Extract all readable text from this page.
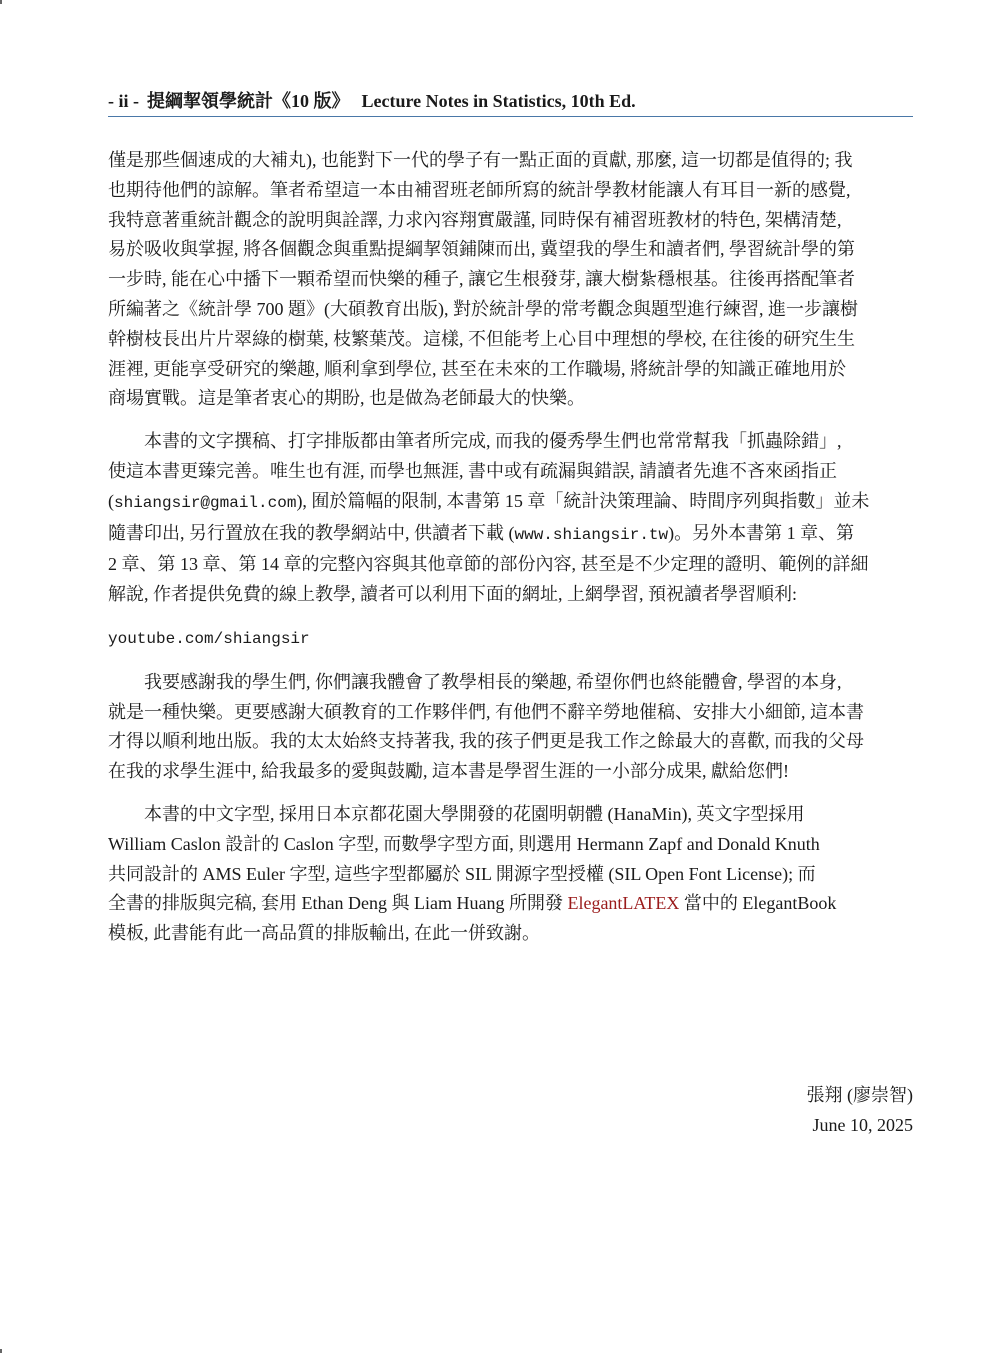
- ii - 提綱挈領學統計《10 版》 Lecture Notes in Statistics, 10th Ed.
僅是那些個速成的大補丸), 也能對下一代的學子有一點正面的貢獻, 那麼, 這一切都是值得的; 我
也期待他們的諒解。筆者希望這一本由補習班老師所寫的統計學教材能讓人有耳目一新的感覺,
我特意著重統計觀念的說明與詮譯, 力求內容翔實嚴謹, 同時保有補習班教材的特色, 架構清楚,
易於吸收與掌握, 將各個觀念與重點提綱挈領鋪陳而出, 冀望我的學生和讀者們, 學習統計學的第
一步時, 能在心中播下一顆希望而快樂的種子, 讓它生根發芽, 讓大樹紮穩根基。往後再搭配筆者
所編著之《統計學 700 題》(大碩教育出版), 對於統計學的常考觀念與題型進行練習, 進一步讓樹
幹樹枝長出片片翠綠的樹葉, 枝繁葉茂。這樣, 不但能考上心目中理想的學校, 在往後的研究生生
涯裡, 更能享受研究的樂趣, 順利拿到學位, 甚至在未來的工作職場, 將統計學的知識正確地用於
商場實戰。這是筆者衷心的期盼, 也是做為老師最大的快樂。
本書的文字撰稿、打字排版都由筆者所完成, 而我的優秀學生們也常常幫我「抓蟲除錯」,
使這本書更臻完善。唯生也有涯, 而學也無涯, 書中或有疏漏與錯誤, 請讀者先進不吝來函指正
(shiangsir@gmail.com), 囿於篇幅的限制, 本書第 15 章「統計決策理論、時間序列與指數」並未
隨書印出, 另行置放在我的教學網站中, 供讀者下載 (www.shiangsir.tw)。另外本書第 1 章、第
2 章、第 13 章、第 14 章的完整內容與其他章節的部份內容, 甚至是不少定理的證明、範例的詳細
解說, 作者提供免費的線上教學, 讀者可以利用下面的網址, 上網學習, 預祝讀者學習順利:
youtube.com/shiangsir
我要感謝我的學生們, 你們讓我體會了教學相長的樂趣, 希望你們也終能體會, 學習的本身,
就是一種快樂。更要感謝大碩教育的工作夥伴們, 有他們不辭辛勞地催稿、安排大小細節, 這本書
才得以順利地出版。我的太太始終支持著我, 我的孩子們更是我工作之餘最大的喜歡, 而我的父母
在我的求學生涯中, 給我最多的愛與鼓勵, 這本書是學習生涯的一小部分成果, 獻給您們!
本書的中文字型, 採用日本京都花園大學開發的花園明朝體 (HanaMin), 英文字型採用
William Caslon 設計的 Caslon 字型, 而數學字型方面, 則選用 Hermann Zapf and Donald Knuth
共同設計的 AMS Euler 字型, 這些字型都屬於 SIL 開源字型授權 (SIL Open Font License); 而
全書的排版與完稿, 套用 Ethan Deng 與 Liam Huang 所開發 ElegantLATEX 當中的 ElegantBook
模板, 此書能有此一高品質的排版輸出, 在此一併致謝。
張翔 (廖崇智)
June 10, 2025
